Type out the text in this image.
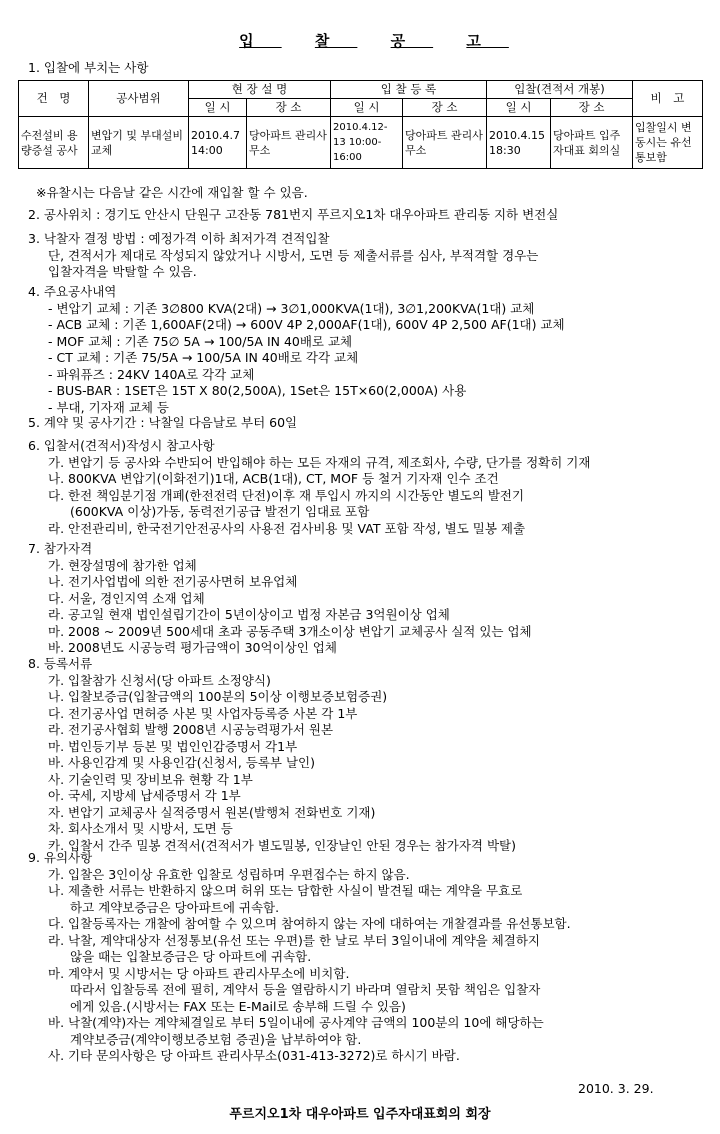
입 찰 공 고
1. 입찰에 부치는 사항
건　명	공사범위	현 장 설 명		입 찰 등 록		입찰(견적서 개봉)		비　고
		일 시	장 소	일 시	장 소	일 시	장 소	
수전설비 용량증설 공사	변압기 및 부대설비 교체	2010.4.7 14:00	당아파트 관리사무소	2010.4.12-13 10:00-16:00	당아파트 관리사무소	2010.4.15 18:30	당아파트 입주자대표 회의실	입찰일시 변동시는 유선통보함
※유찰시는 다음날 같은 시간에 재입찰 할 수 있음.
2. 공사위치 : 경기도 안산시 단원구 고잔동 781번지 푸르지오1차 대우아파트 관리동 지하 변전실
3. 낙찰자 결정 방법 : 예정가격 이하 최저가격 견적입찰
단, 견적서가 제대로 작성되지 않았거나 시방서, 도면 등 제출서류를 심사, 부적격할 경우는
입찰자격을 박탈할 수 있음.
4. 주요공사내역
- 변압기 교체 : 기존 3∅800 KVA(2대) → 3∅1,000KVA(1대), 3∅1,200KVA(1대) 교체
- ACB 교체 : 기존 1,600AF(2대) → 600V 4P 2,000AF(1대), 600V 4P 2,500 AF(1대) 교체
- MOF 교체 : 기존 75∅ 5A → 100/5A IN 40배로 교체
- CT 교체 : 기존 75/5A → 100/5A IN 40배로 각각 교체
- 파워퓨즈 : 24KV 140A로 각각 교체
- BUS-BAR : 1SET은 15T X 80(2,500A), 1Set은 15T×60(2,000A) 사용
- 부대, 기자재 교체 등
5. 계약 및 공사기간 : 낙찰일 다음날로 부터 60일
6. 입찰서(견적서)작성시 참고사항
가. 변압기 등 공사와 수반되어 반입해야 하는 모든 자재의 규격, 제조회사, 수량, 단가를 정확히 기재
나. 800KVA 변압기(이화전기)1대, ACB(1대), CT, MOF 등 철거 기자재 인수 조건
다. 한전 책임분기점 개폐(한전전력 단전)이후 재 투입시 까지의 시간동안 별도의 발전기
(600KVA 이상)가동, 동력전기공급 발전기 임대료 포함
라. 안전관리비, 한국전기안전공사의 사용전 검사비용 및 VAT 포함 작성, 별도 밀봉 제출
7. 참가자격
가. 현장설명에 참가한 업체
나. 전기사업법에 의한 전기공사면허 보유업체
다. 서울, 경인지역 소재 업체
라. 공고일 현재 법인설립기간이 5년이상이고 법정 자본금 3억원이상 업체
마. 2008 ~ 2009년 500세대 초과 공동주택 3개소이상 변압기 교체공사 실적 있는 업체
바. 2008년도 시공능력 평가금액이 30억이상인 업체
8. 등록서류
가. 입찰참가 신청서(당 아파트 소정양식)
나. 입찰보증금(입찰금액의 100분의 5이상 이행보증보험증권)
다. 전기공사업 면허증 사본 및 사업자등록증 사본 각 1부
라. 전기공사협회 발행 2008년 시공능력평가서 원본
마. 법인등기부 등본 및 법인인감증명서 각1부
바. 사용인감계 및 사용인감(신청서, 등록부 날인)
사. 기술인력 및 장비보유 현황 각 1부
아. 국세, 지방세 납세증명서 각 1부
자. 변압기 교체공사 실적증명서 원본(발행처 전화번호 기재)
차. 회사소개서 및 시방서, 도면 등
카. 입찰서 간주 밀봉 견적서(견적서가 별도밀봉, 인장날인 안된 경우는 참가자격 박탈)
9. 유의사항
가. 입찰은 3인이상 유효한 입찰로 성립하며 우편접수는 하지 않음.
나. 제출한 서류는 반환하지 않으며 허위 또는 담합한 사실이 발견될 때는 계약을 무효로
하고 계약보증금은 당아파트에 귀속함.
다. 입찰등록자는 개찰에 참여할 수 있으며 참여하지 않는 자에 대하여는 개찰결과를 유선통보함.
라. 낙찰, 계약대상자 선정통보(유선 또는 우편)를 한 날로 부터 3일이내에 계약을 체결하지
않을 때는 입찰보증금은 당 아파트에 귀속함.
마. 계약서 및 시방서는 당 아파트 관리사무소에 비치함.
따라서 입찰등록 전에 필히, 계약서 등을 열람하시기 바라며 열람치 못함 책임은 입찰자
에게 있음.(시방서는 FAX 또는 E-Mail로 송부해 드릴 수 있음)
바. 낙찰(계약)자는 계약체결일로 부터 5일이내에 공사계약 금액의 100분의 10에 해당하는
계약보증금(계약이행보증보험 증권)을 납부하여야 함.
사. 기타 문의사항은 당 아파트 관리사무소(031-413-3272)로 하시기 바람.
2010. 3. 29.
푸르지오1차 대우아파트 입주자대표회의 회장
